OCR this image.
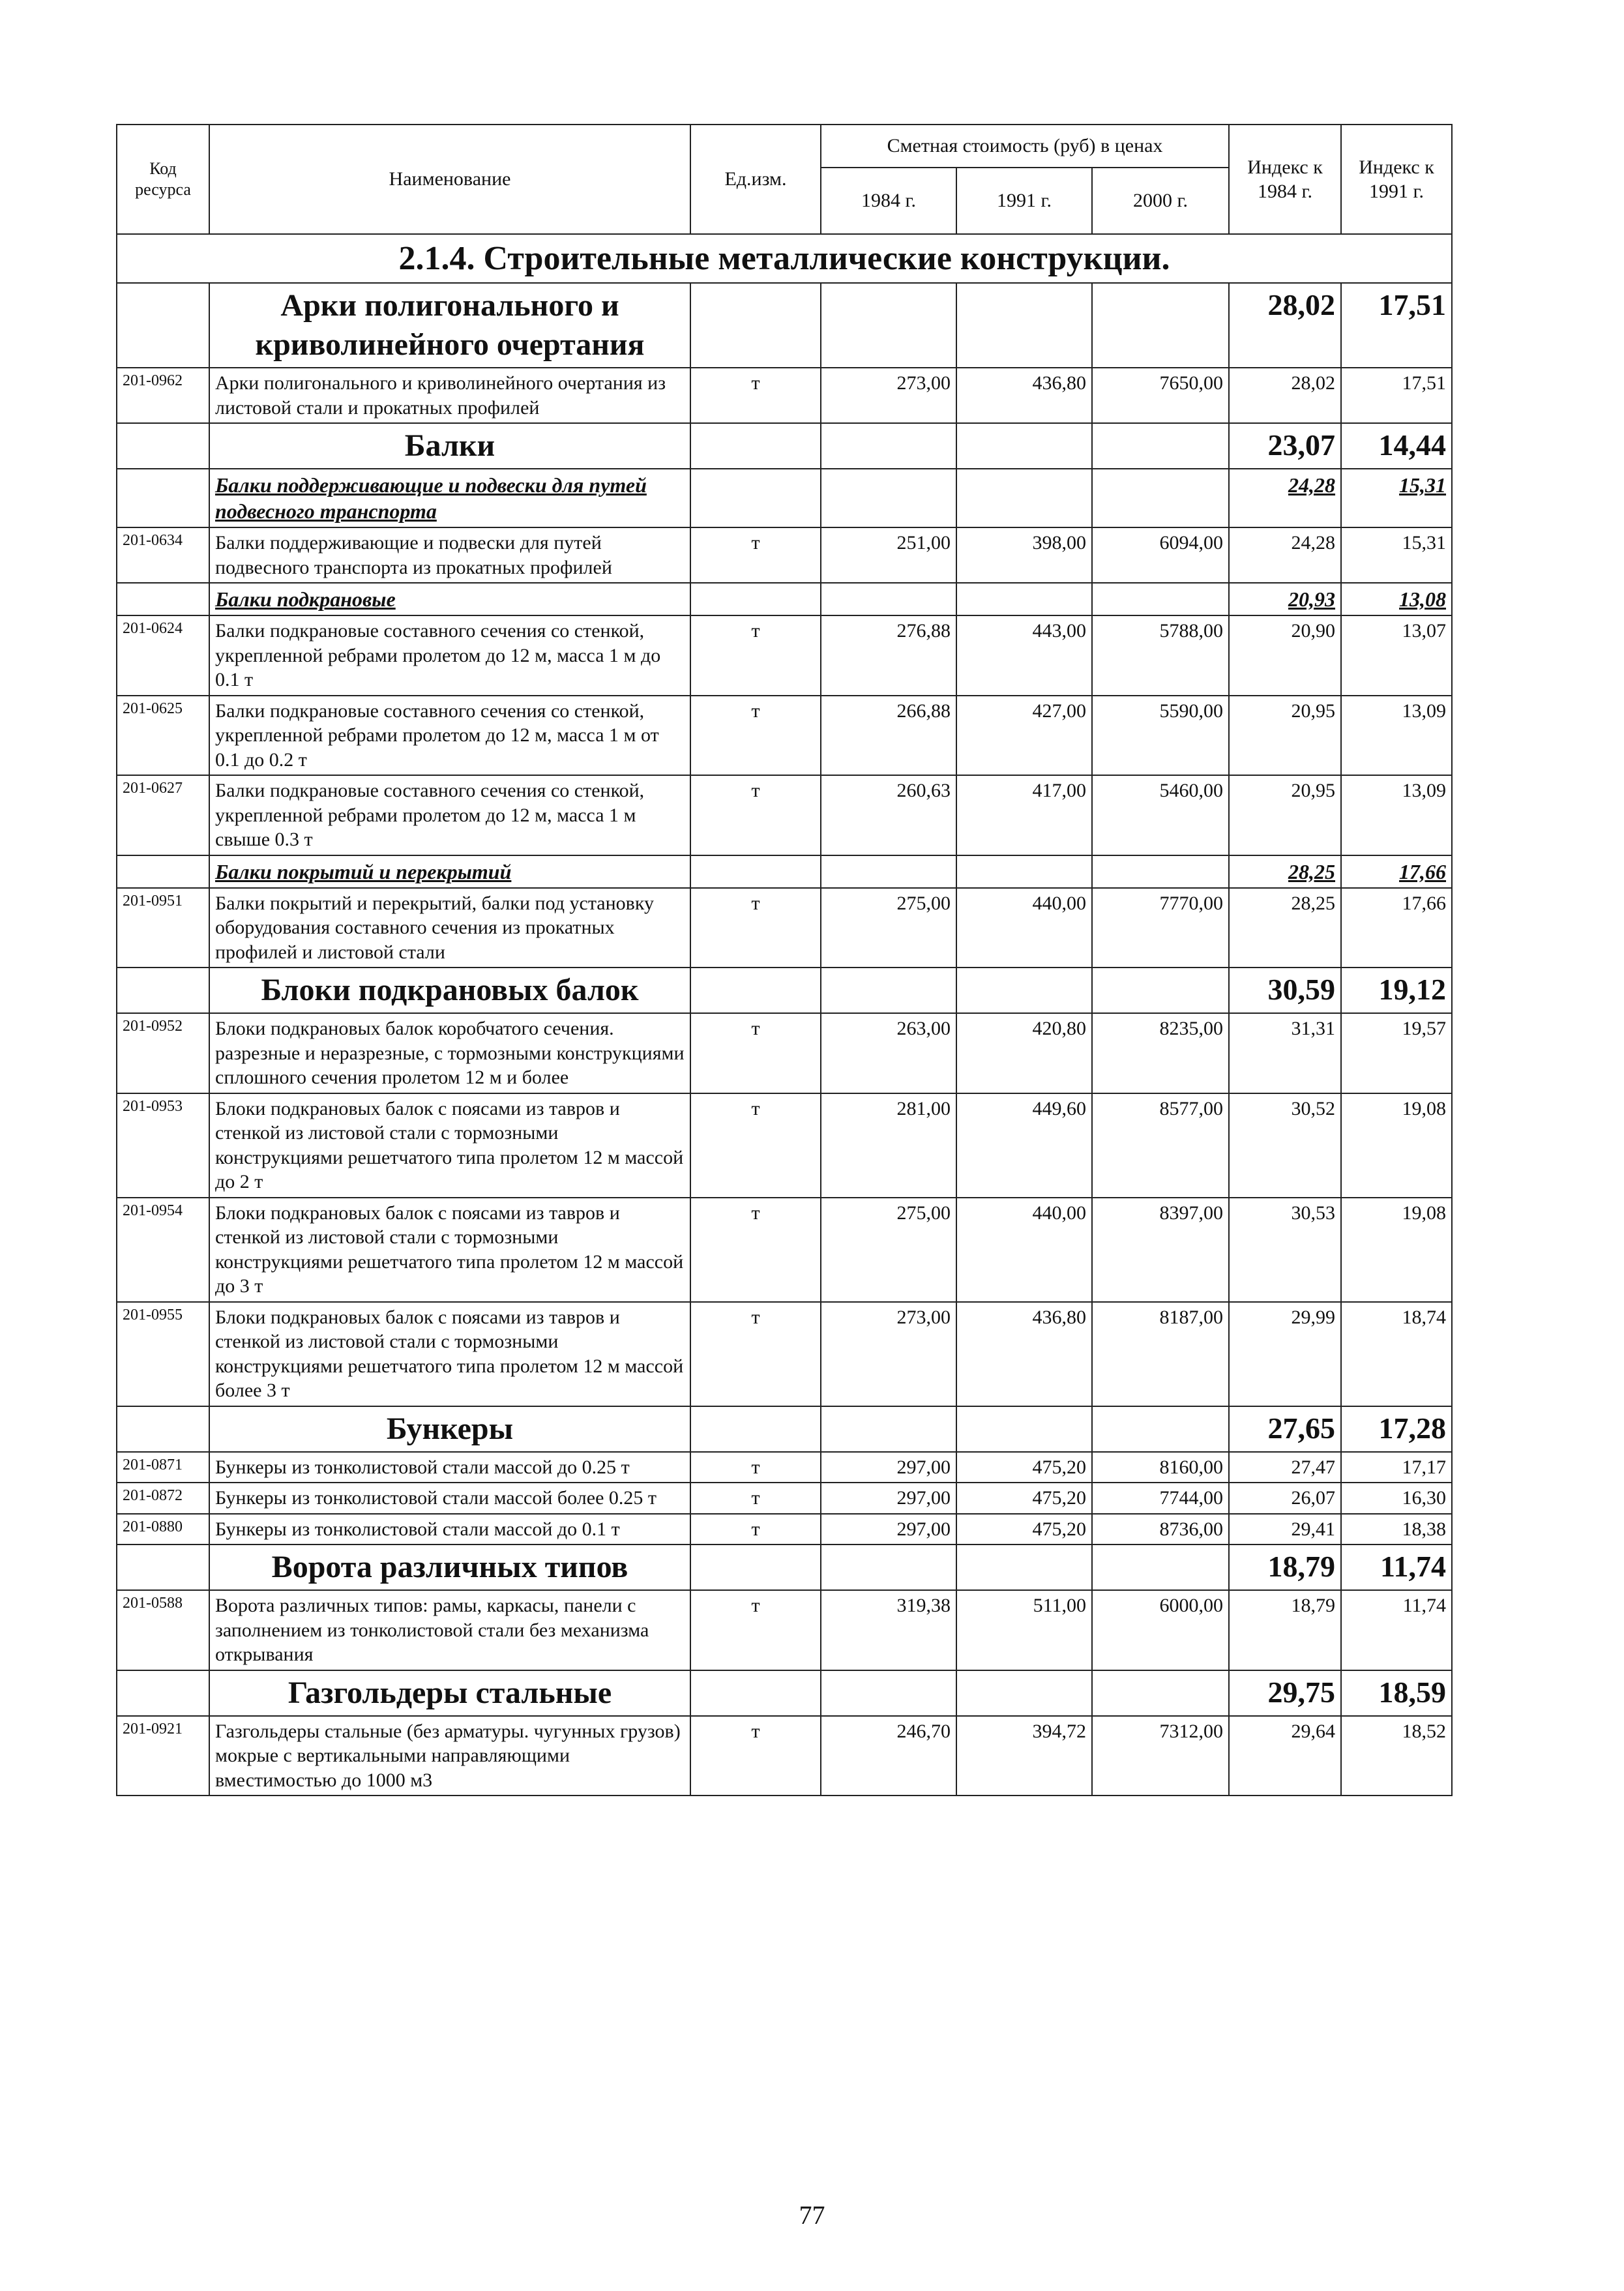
Код ресурса	Наименование	Ед.изм.	Сметная стоимость (руб) в ценах			Индекс к 1984 г.	Индекс к 1991 г.
			1984 г.	1991 г.	2000 г.		
2.1.4. Строительные металлические конструкции.							
	Арки полигонального и криволинейного очертания					28,02	17,51
201-0962	Арки полигонального и криволинейного очертания из листовой стали и прокатных профилей	т	273,00	436,80	7650,00	28,02	17,51
	Балки					23,07	14,44
	Балки поддерживающие и подвески для путей подвесного транспорта					24,28	15,31
201-0634	Балки поддерживающие и подвески для путей подвесного транспорта из прокатных профилей	т	251,00	398,00	6094,00	24,28	15,31
	Балки подкрановые					20,93	13,08
201-0624	Балки подкрановые составного сечения со стенкой, укрепленной ребрами пролетом до 12 м, масса 1 м до 0.1 т	т	276,88	443,00	5788,00	20,90	13,07
201-0625	Балки подкрановые составного сечения со стенкой, укрепленной ребрами пролетом до 12 м, масса 1 м от 0.1 до 0.2 т	т	266,88	427,00	5590,00	20,95	13,09
201-0627	Балки подкрановые составного сечения со стенкой, укрепленной ребрами пролетом до 12 м, масса 1 м свыше 0.3 т	т	260,63	417,00	5460,00	20,95	13,09
	Балки покрытий и перекрытий					28,25	17,66
201-0951	Балки покрытий и перекрытий, балки под установку оборудования составного сечения из прокатных профилей и листовой стали	т	275,00	440,00	7770,00	28,25	17,66
	Блоки подкрановых балок					30,59	19,12
201-0952	Блоки подкрановых балок коробчатого сечения. разрезные и неразрезные, с тормозными конструкциями сплошного сечения пролетом 12 м и более	т	263,00	420,80	8235,00	31,31	19,57
201-0953	Блоки подкрановых балок с поясами из тавров и стенкой из листовой стали с тормозными конструкциями решетчатого типа пролетом 12 м массой до 2 т	т	281,00	449,60	8577,00	30,52	19,08
201-0954	Блоки подкрановых балок с поясами из тавров и стенкой из листовой стали с тормозными конструкциями решетчатого типа пролетом 12 м массой до 3 т	т	275,00	440,00	8397,00	30,53	19,08
201-0955	Блоки подкрановых балок с поясами из тавров и стенкой из листовой стали с тормозными конструкциями решетчатого типа пролетом 12 м массой более 3 т	т	273,00	436,80	8187,00	29,99	18,74
	Бункеры					27,65	17,28
201-0871	Бункеры из тонколистовой стали массой до 0.25 т	т	297,00	475,20	8160,00	27,47	17,17
201-0872	Бункеры из тонколистовой стали массой более 0.25 т	т	297,00	475,20	7744,00	26,07	16,30
201-0880	Бункеры из тонколистовой стали массой до 0.1 т	т	297,00	475,20	8736,00	29,41	18,38
	Ворота различных типов					18,79	11,74
201-0588	Ворота различных типов: рамы, каркасы, панели с заполнением из тонколистовой стали без механизма открывания	т	319,38	511,00	6000,00	18,79	11,74
	Газгольдеры стальные					29,75	18,59
201-0921	Газгольдеры стальные (без арматуры. чугунных грузов) мокрые с вертикальными направляющими вместимостью до 1000 м3	т	246,70	394,72	7312,00	29,64	18,52
77
